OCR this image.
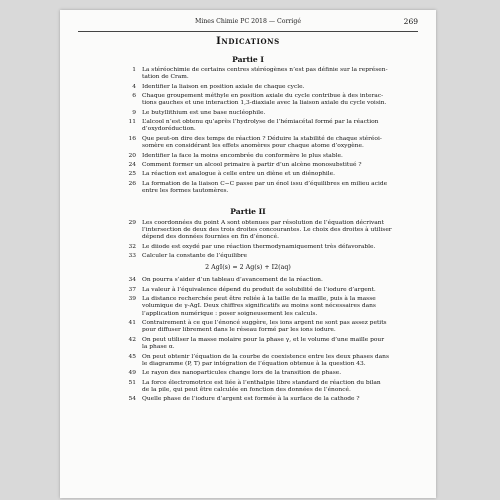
Mines Chimie PC 2018 — Corrigé	269
Indications
Partie I
1 La stéréochimie de certains centres stéréogènes n’est pas définie sur la représen-
tation de Cram.
4 Identifier la liaison en position axiale de chaque cycle.
6 Chaque groupement méthyle en position axiale du cycle contribue à des interac-
tions gauches et une interaction 1,3-diaxiale avec la liaison axiale du cycle voisin.
9 Le butyllithium est une base nucléophile.
11 L’alcool n’est obtenu qu’après l’hydrolyse de l’hémiacétal formé par la réaction
d’oxydoréduction.
16 Que peut-on dire des temps de réaction ? Déduire la stabilité de chaque stéréoi-
somère en considérant les effets anomères pour chaque atome d’oxygène.
20 Identifier la face la moins encombrée du conformère le plus stable.
24 Comment former un alcool primaire à partir d’un alcène monosubstitué ?
25 La réaction est analogue à celle entre un diène et un diénophile.
26 La formation de la liaison C−C passe par un énol issu d’équilibres en milieu acide
entre les formes tautomères.
Partie II
29 Les coordonnées du point A sont obtenues par résolution de l’équation décrivant
l’intersection de deux des trois droites concourantes. Le choix des droites à utiliser
dépend des données fournies en fin d’énoncé.
32 Le diiode est oxydé par une réaction thermodynamiquement très défavorable.
33 Calculer la constante de l’équilibre
2 AgI(s) = 2 Ag(s) + I2(aq)
34 On pourra s’aider d’un tableau d’avancement de la réaction.
37 La valeur à l’équivalence dépend du produit de solubilité de l’iodure d’argent.
39 La distance recherchée peut être reliée à la taille de la maille, puis à la masse
volumique de γ-AgI. Deux chiffres significatifs au moins sont nécessaires dans
l’application numérique : poser soigneusement les calculs.
41 Contrairement à ce que l’énoncé suggère, les ions argent ne sont pas assez petits
pour diffuser librement dans le réseau formé par les ions iodure.
42 On peut utiliser la masse molaire pour la phase γ, et le volume d’une maille pour
la phase α.
45 On peut obtenir l’équation de la courbe de coexistence entre les deux phases dans
le diagramme (P, T) par intégration de l’équation obtenue à la question 43.
49 Le rayon des nanoparticules change lors de la transition de phase.
51 La force électromotrice est liée à l’enthalpie libre standard de réaction du bilan
de la pile, qui peut être calculée en fonction des données de l’énoncé.
54 Quelle phase de l’iodure d’argent est formée à la surface de la cathode ?
